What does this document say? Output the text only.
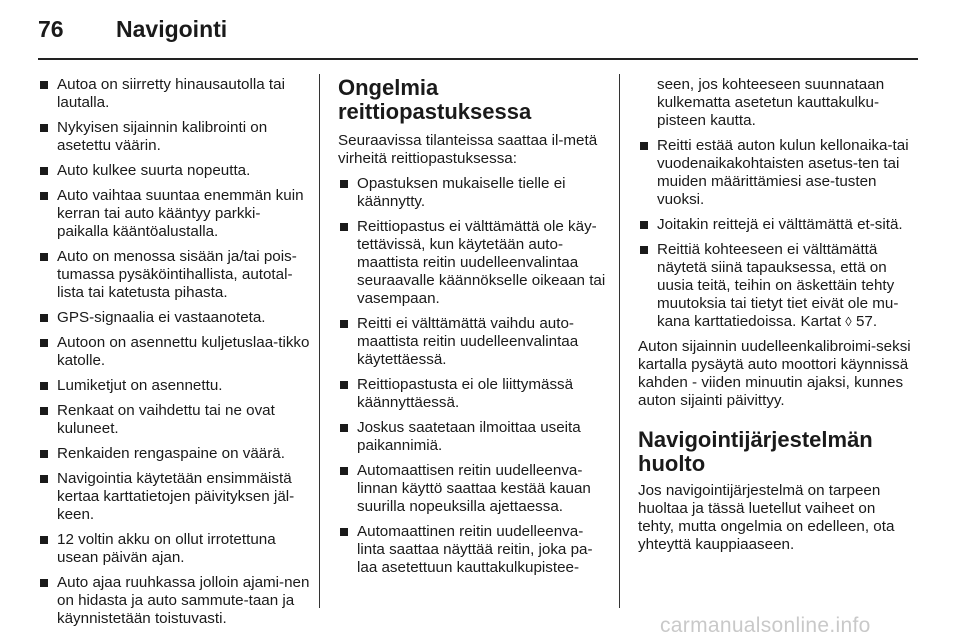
76 Navigointi
Autoa on siirretty hinausautolla tai lautalla.
Nykyisen sijainnin kalibrointi on asetettu väärin.
Auto kulkee suurta nopeutta.
Auto vaihtaa suuntaa enemmän kuin kerran tai auto kääntyy parkki-paikalla kääntöalustalla.
Auto on menossa sisään ja/tai pois-tumassa pysäköintihallista, autotal-lista tai katetusta pihasta.
GPS-signaalia ei vastaanoteta.
Autoon on asennettu kuljetuslaa-tikko katolle.
Lumiketjut on asennettu.
Renkaat on vaihdettu tai ne ovat kuluneet.
Renkaiden rengaspaine on väärä.
Navigointia käytetään ensimmäistä kertaa karttatietojen päivityksen jäl-keen.
12 voltin akku on ollut irrotettuna usean päivän ajan.
Auto ajaa ruuhkassa jolloin ajami-nen on hidasta ja auto sammute-taan ja käynnistetään toistuvasti.
Ongelmia reittiopastuksessa

Seuraavissa tilanteissa saattaa il-metä virheitä reittiopastuksessa:

Opastuksen mukaiselle tielle ei käännytty.
Reittiopastus ei välttämättä ole käy-tettävissä, kun käytetään auto-maattista reitin uudelleenvalintaa seuraavalle käännökselle oikeaan tai vasempaan.
Reitti ei välttämättä vaihdu auto-maattista reitin uudelleenvalintaa käytettäessä.
Reittiopastusta ei ole liittymässä käännyttäessä.
Joskus saatetaan ilmoittaa useita paikannimiä.
Automaattisen reitin uudelleenva-linnan käyttö saattaa kestää kauan suurilla nopeuksilla ajettaessa.
Automaattinen reitin uudelleenva-linta saattaa näyttää reitin, joka pa-laa asetettuun kauttakulkupistee-

seen, jos kohteeseen suunnataan kulkematta asetetun kauttakulku-pisteen kautta.

Reitti estää auton kulun kellonaika-tai vuodenaikakohtaisten asetus-ten tai muiden määrittämiesi ase-tusten vuoksi.
Joitakin reittejä ei välttämättä et-sitä.
Reittiä kohteeseen ei välttämättä näytetä siinä tapauksessa, että on uusia teitä, teihin on äskettäin tehty muutoksia tai tietyt tiet eivät ole mu-kana karttatiedoissa. Kartat ◊ 57.

Auton sijainnin uudelleenkalibroimi-seksi kartalla pysäytä auto moottori käynnissä kahden - viiden minuutin ajaksi, kunnes auton sijainti päivittyy.

Navigointijärjestelmän huolto

Jos navigointijärjestelmä on tarpeen huoltaa ja tässä luetellut vaiheet on tehty, mutta ongelmia on edelleen, ota yhteyttä kauppiaaseen.

carmanualsonline.info
